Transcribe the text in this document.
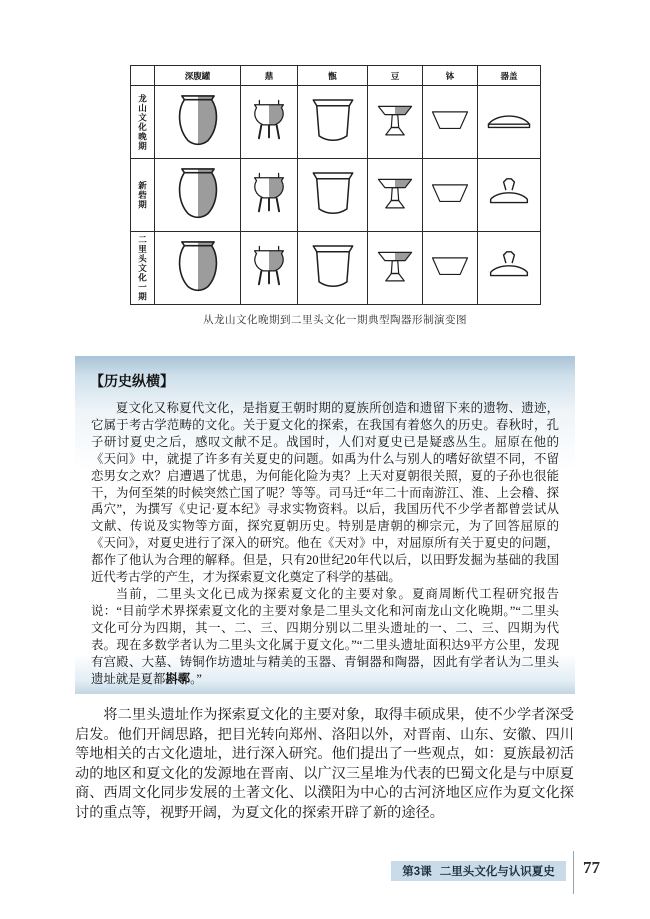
	深腹罐	鼎	甑	豆	钵	器盖
龙山文化晚期	

新砦期	

二里头文化一期	

从龙山文化晚期到二里头文化一期典型陶器形制演变图
【历史纵横】

夏文化又称夏代文化，是指夏王朝时期的夏族所创造和遗留下来的遗物、遗迹，它属于考古学范畴的文化。关于夏文化的探索，在我国有着悠久的历史。春秋时，孔子研讨夏史之后，感叹文献不足。战国时，人们对夏史已是疑惑丛生。屈原在他的《天问》中，就提了许多有关夏史的问题。如禹为什么与别人的嗜好欲望不同，不留恋男女之欢？启遭遇了忧患，为何能化险为夷？上天对夏朝很关照，夏的子孙也很能干，为何至桀的时候突然亡国了呢？等等。司马迁“年二十而南游江、淮、上会稽、探禹穴”，为撰写《史记·夏本纪》寻求实物资料。以后，我国历代不少学者都曾尝试从文献、传说及实物等方面，探究夏朝历史。特别是唐朝的柳宗元，为了回答屈原的《天问》，对夏史进行了深入的研究。他在《天对》中，对屈原所有关于夏史的问题，都作了他认为合理的解释。但是，只有20世纪20年代以后，以田野发掘为基础的我国近代考古学的产生，才为探索夏文化奠定了科学的基础。

当前，二里头文化已成为探索夏文化的主要对象。夏商周断代工程研究报告说：“目前学术界探索夏文化的主要对象是二里头文化和河南龙山文化晚期。”“二里头文化可分为四期，其一、二、三、四期分别以二里头遗址的一、二、三、四期为代表。现在多数学者认为二里头文化属于夏文化。”“二里头遗址面积达9平方公里，发现有宫殿、大墓、铸铜作坊遗址与精美的玉器、青铜器和陶器，因此有学者认为二里头遗址就是夏都斟鄩。”

将二里头遗址作为探索夏文化的主要对象，取得丰硕成果，使不少学者深受启发。他们开阔思路，把目光转向郑州、洛阳以外，对晋南、山东、安徽、四川等地相关的古文化遗址，进行深入研究。他们提出了一些观点，如：夏族最初活动的地区和夏文化的发源地在晋南、以广汉三星堆为代表的巴蜀文化是与中原夏商、西周文化同步发展的土著文化、以濮阳为中心的古河济地区应作为夏文化探讨的重点等，视野开阔，为夏文化的探索开辟了新的途径。
第3课 二里头文化与认识夏史 77
